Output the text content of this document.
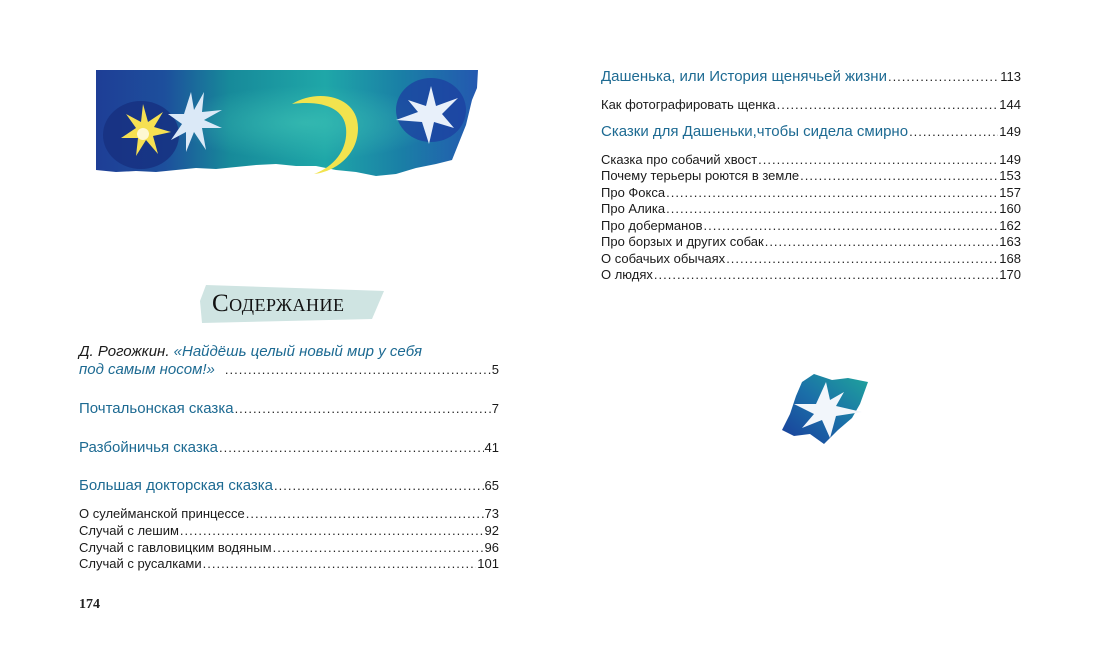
Содержание
Д. Рогожкин. «Найдёшь целый новый мир у себя
под самым носом!» .....	5
Почтальонская сказка .....	7
Разбойничья сказка .....	41
Большая докторская сказка .....	65
О сулейманской принцессе .....	73
Случай с лешим .....	92
Случай с гавловицким водяным .....	96
Случай с русалками .....	101
174
Дашенька, или История щенячьей жизни .....	113
Как фотографировать щенка .....	144
Сказки для Дашеньки,чтобы сидела смирно .....	149
Сказка про собачий хвост .....	149
Почему терьеры роются в земле .....	153
Про Фокса .....	157
Про Алика .....	160
Про доберманов .....	162
Про борзых и других собак .....	163
О собачьих обычаях .....	168
О людях .....	170
